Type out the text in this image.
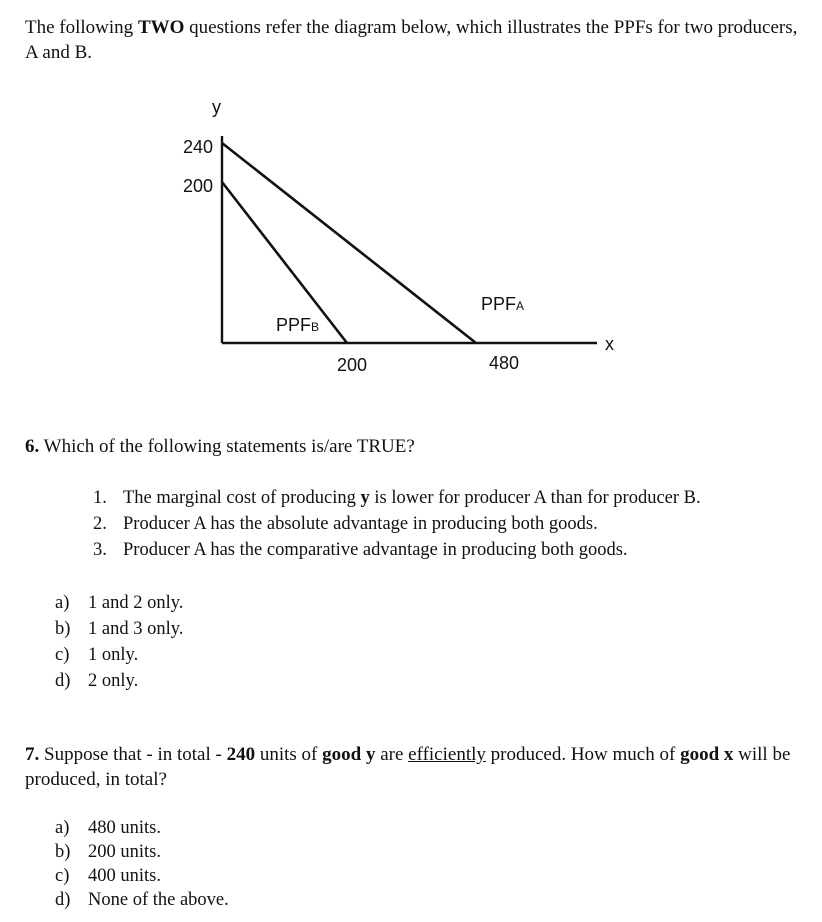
The following TWO questions refer the diagram below, which illustrates the PPFs for two producers, A and B.
y
x
240
200
200	480
PPFA
PPFB
6. Which of the following statements is/are TRUE?
1. The marginal cost of producing y is lower for producer A than for producer B.
2. Producer A has the absolute advantage in producing both goods.
3. Producer A has the comparative advantage in producing both goods.
a) 1 and 2 only.
b) 1 and 3 only.
c) 1 only.
d) 2 only.
7. Suppose that - in total - 240 units of good y are efficiently produced. How much of good x will be produced, in total?
a) 480 units.
b) 200 units.
c) 400 units.
d) None of the above.
